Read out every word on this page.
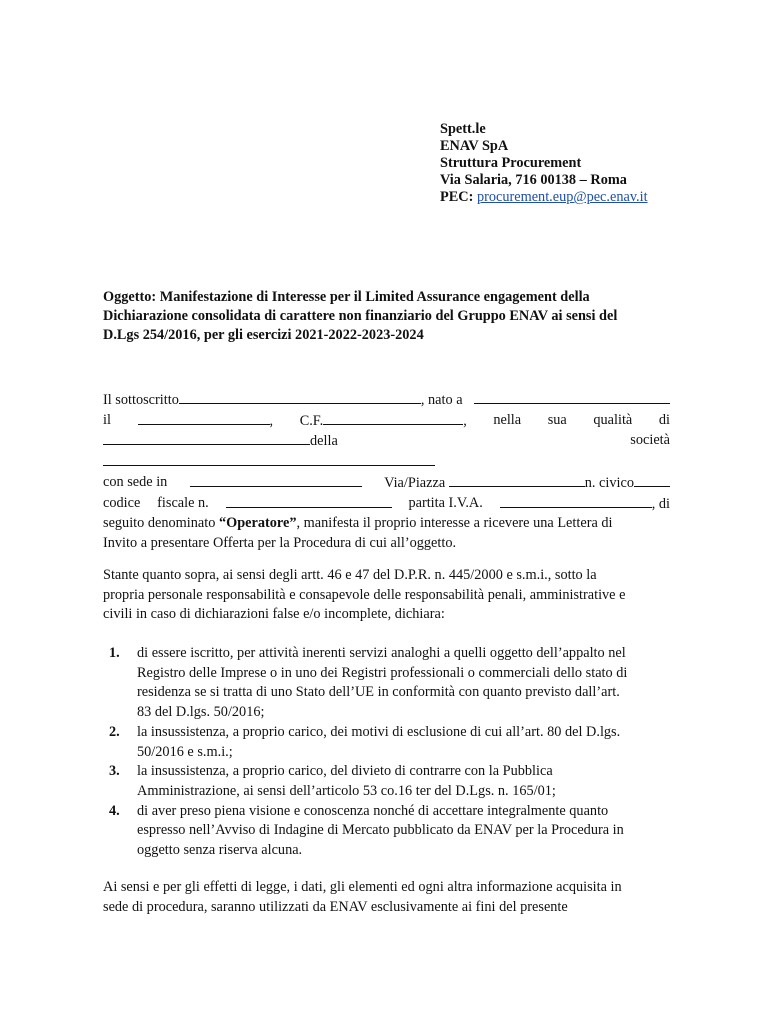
Spett.le
ENAV SpA
Struttura Procurement
Via Salaria, 716 00138 – Roma
PEC: procurement.eup@pec.enav.it
Oggetto: Manifestazione di Interesse per il Limited Assurance engagement della
Dichiarazione consolidata di carattere non finanziario del Gruppo ENAV ai sensi del
D.Lgs 254/2016, per gli esercizi 2021-2022-2023-2024
Il sottoscritto	, nato a
il	, C.F.	, nella sua qualità di
della	società
con sede in	Via/Piazza	n. civico
codice fiscale n.	partita I.V.A.	, di
seguito denominato “Operatore”, manifesta il proprio interesse a ricevere una Lettera di
Invito a presentare Offerta per la Procedura di cui all’oggetto.
Stante quanto sopra, ai sensi degli artt. 46 e 47 del D.P.R. n. 445/2000 e s.m.i., sotto la
propria personale responsabilità e consapevole delle responsabilità penali, amministrative e
civili in caso di dichiarazioni false e/o incomplete, dichiara:
1. di essere iscritto, per attività inerenti servizi analoghi a quelli oggetto dell’appalto nel
Registro delle Imprese o in uno dei Registri professionali o commerciali dello stato di
residenza se si tratta di uno Stato dell’UE in conformità con quanto previsto dall’art.
83 del D.lgs. 50/2016;
2. la insussistenza, a proprio carico, dei motivi di esclusione di cui all’art. 80 del D.lgs.
50/2016 e s.m.i.;
3. la insussistenza, a proprio carico, del divieto di contrarre con la Pubblica
Amministrazione, ai sensi dell’articolo 53 co.16 ter del D.Lgs. n. 165/01;
4. di aver preso piena visione e conoscenza nonché di accettare integralmente quanto
espresso nell’Avviso di Indagine di Mercato pubblicato da ENAV per la Procedura in
oggetto senza riserva alcuna.
Ai sensi e per gli effetti di legge, i dati, gli elementi ed ogni altra informazione acquisita in
sede di procedura, saranno utilizzati da ENAV esclusivamente ai fini del presente
